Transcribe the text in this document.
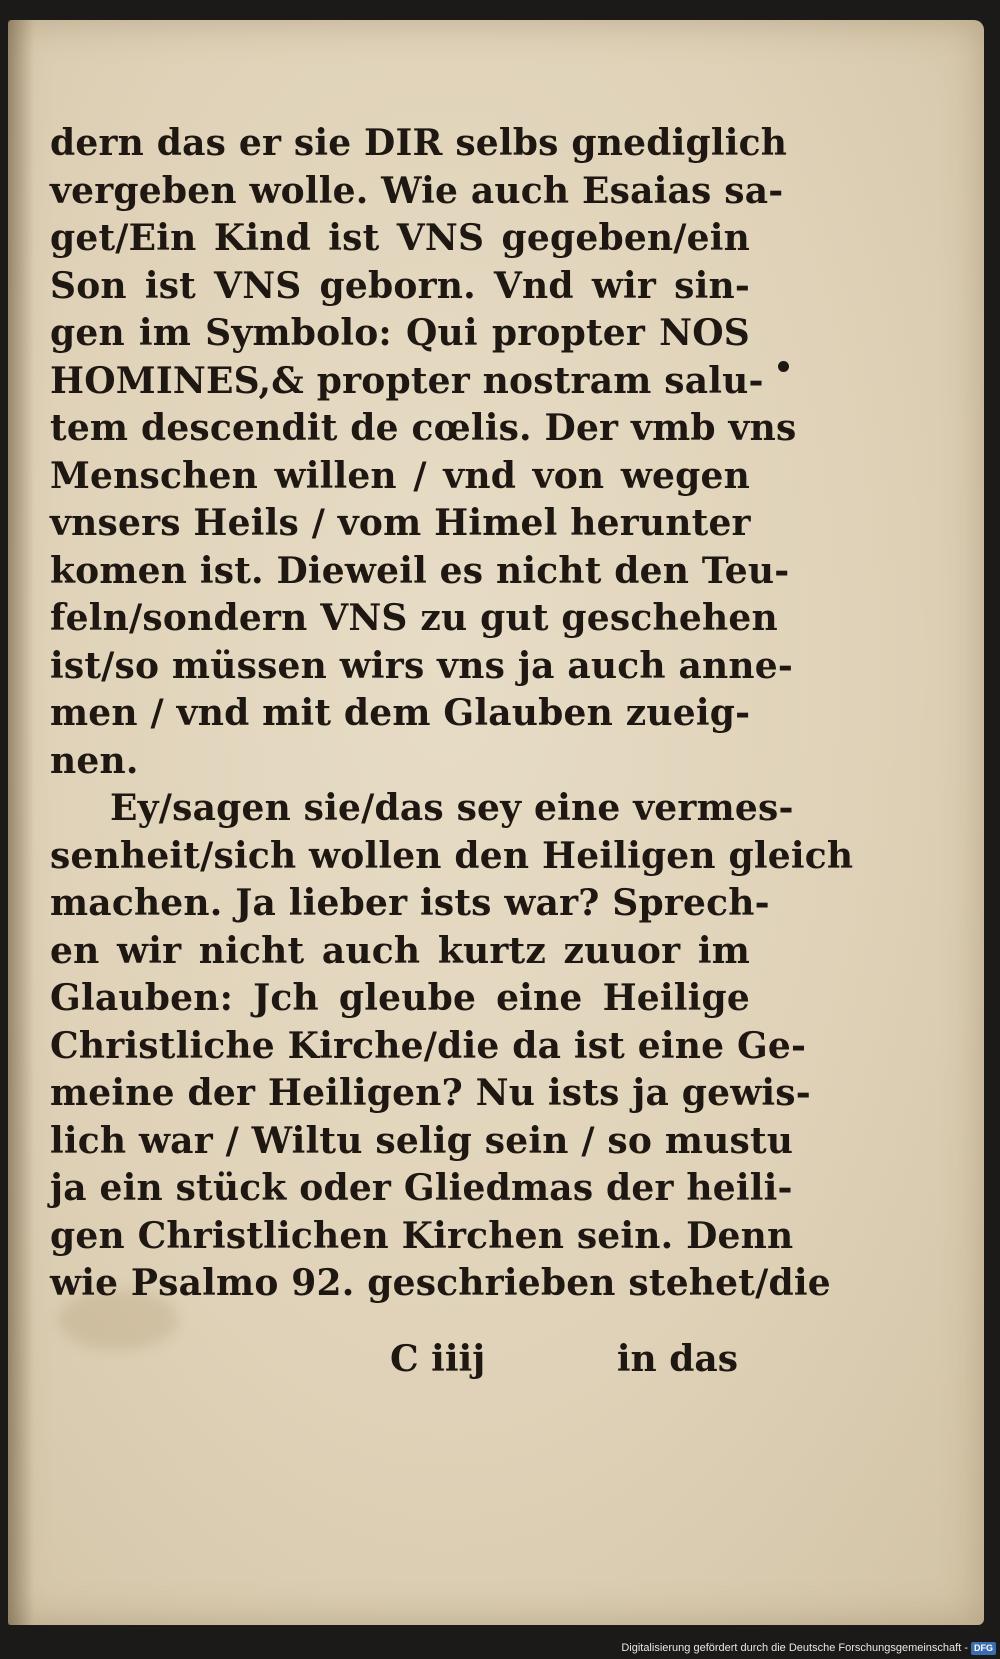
dern das er sie DIR selbs gnediglich
vergeben wolle. Wie auch Esaias sa-
get/Ein Kind ist VNS gegeben/ein
Son ist VNS geborn. Vnd wir sin-
gen im Symbolo: Qui propter NOS
HOMINES,& propter nostram salu-
tem descendit de cœlis. Der vmb vns
Menschen willen / vnd von wegen
vnsers Heils / vom Himel herunter
komen ist. Dieweil es nicht den Teu-
feln/sondern VNS zu gut geschehen
ist/so müssen wirs vns ja auch anne-
men / vnd mit dem Glauben zueig-
nen.
Ey/sagen sie/das sey eine vermes-
senheit/sich wollen den Heiligen gleich
machen. Ja lieber ists war? Sprech-
en wir nicht auch kurtz zuuor im
Glauben: Jch gleube eine Heilige
Christliche Kirche/die da ist eine Ge-
meine der Heiligen? Nu ists ja gewis-
lich war / Wiltu selig sein / so mustu
ja ein stück oder Gliedmas der heili-
gen Christlichen Kirchen sein. Denn
wie Psalmo 92. geschrieben stehet/die
C iiij	in das
Digitalisierung gefördert durch die Deutsche Forschungsgemeinschaft - DFG
